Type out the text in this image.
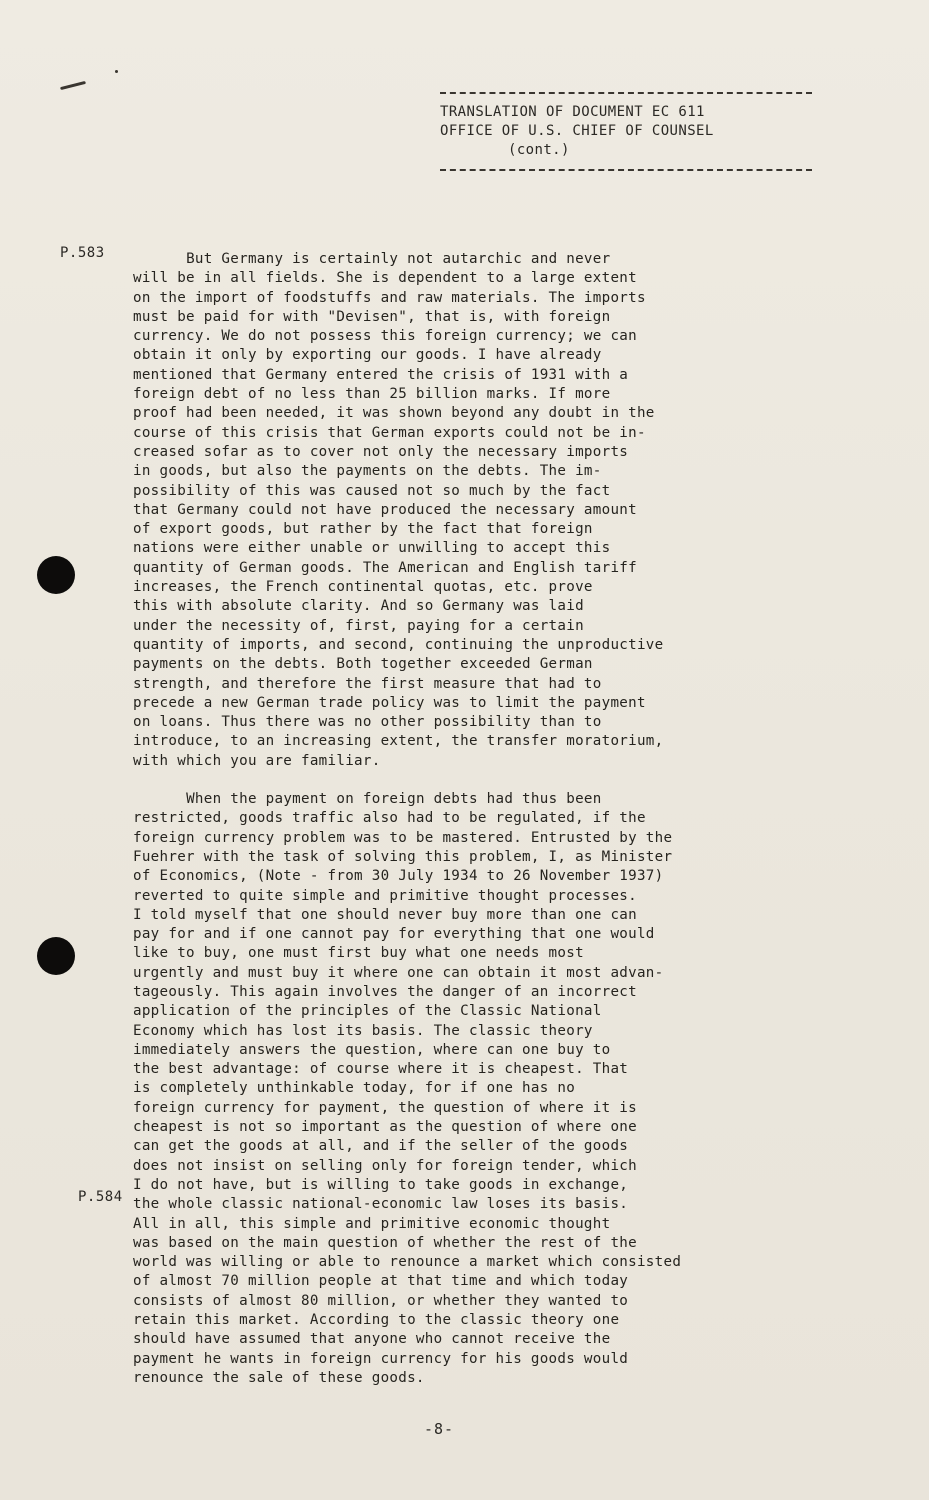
TRANSLATION OF DOCUMENT EC 611
OFFICE OF U.S. CHIEF OF COUNSEL
(cont.)
P.583
P.584
But Germany is certainly not autarchic and never
will be in all fields. She is dependent to a large extent
on the import of foodstuffs and raw materials. The imports
must be paid for with "Devisen", that is, with foreign
currency. We do not possess this foreign currency; we can
obtain it only by exporting our goods. I have already
mentioned that Germany entered the crisis of 1931 with a
foreign debt of no less than 25 billion marks. If more
proof had been needed, it was shown beyond any doubt in the
course of this crisis that German exports could not be in-
creased sofar as to cover not only the necessary imports
in goods, but also the payments on the debts. The im-
possibility of this was caused not so much by the fact
that Germany could not have produced the necessary amount
of export goods, but rather by the fact that foreign
nations were either unable or unwilling to accept this
quantity of German goods. The American and English tariff
increases, the French continental quotas, etc. prove
this with absolute clarity. And so Germany was laid
under the necessity of, first, paying for a certain
quantity of imports, and second, continuing the unproductive
payments on the debts. Both together exceeded German
strength, and therefore the first measure that had to
precede a new German trade policy was to limit the payment
on loans. Thus there was no other possibility than to
introduce, to an increasing extent, the transfer moratorium,
with which you are familiar.
When the payment on foreign debts had thus been
restricted, goods traffic also had to be regulated, if the
foreign currency problem was to be mastered. Entrusted by the
Fuehrer with the task of solving this problem, I, as Minister
of Economics, (Note - from 30 July 1934 to 26 November 1937)
reverted to quite simple and primitive thought processes.
I told myself that one should never buy more than one can
pay for and if one cannot pay for everything that one would
like to buy, one must first buy what one needs most
urgently and must buy it where one can obtain it most advan-
tageously. This again involves the danger of an incorrect
application of the principles of the Classic National
Economy which has lost its basis. The classic theory
immediately answers the question, where can one buy to
the best advantage: of course where it is cheapest. That
is completely unthinkable today, for if one has no
foreign currency for payment, the question of where it is
cheapest is not so important as the question of where one
can get the goods at all, and if the seller of the goods
does not insist on selling only for foreign tender, which
I do not have, but is willing to take goods in exchange,
the whole classic national-economic law loses its basis.
All in all, this simple and primitive economic thought
was based on the main question of whether the rest of the
world was willing or able to renounce a market which consisted
of almost 70 million people at that time and which today
consists of almost 80 million, or whether they wanted to
retain this market. According to the classic theory one
should have assumed that anyone who cannot receive the
payment he wants in foreign currency for his goods would
renounce the sale of these goods.
-8-
